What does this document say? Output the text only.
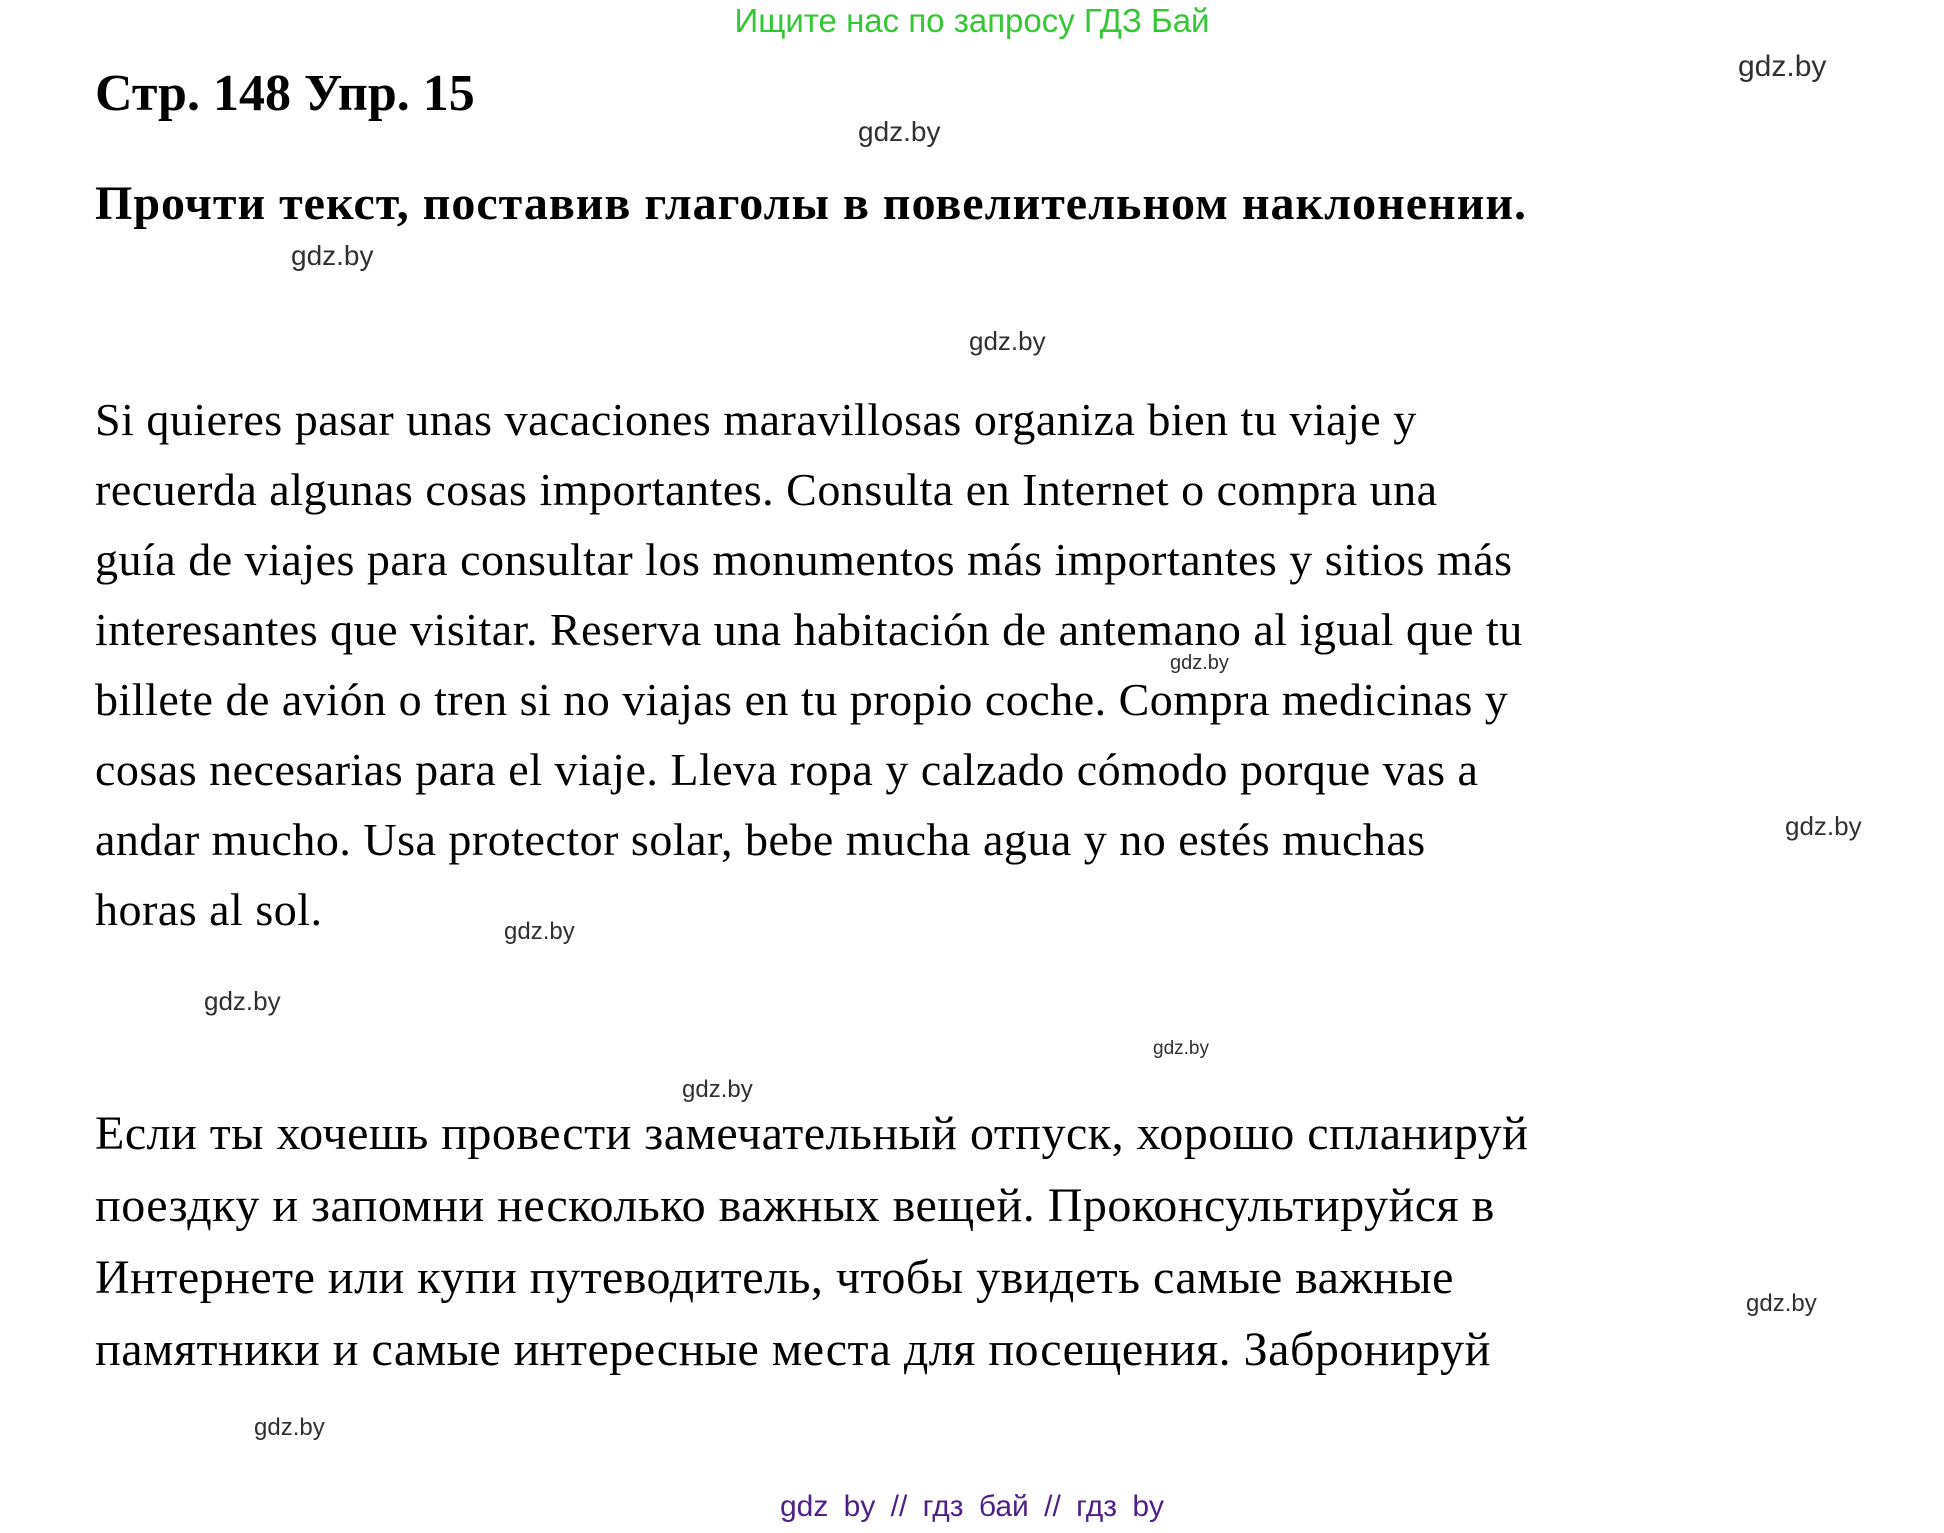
Ищите нас по запросу ГДЗ Бай
gdz.by
Стр. 148 Упр. 15
gdz.by
Прочти текст, поставив глаголы в повелительном наклонении.
gdz.by
gdz.by
Si quieres pasar unas vacaciones maravillosas organiza bien tu viaje y
recuerda algunas cosas importantes. Consulta en Internet o compra una
guía de viajes para consultar los monumentos más importantes y sitios más
interesantes que visitar. Reserva una habitación de antemano al igual que tu
billete de avión o tren si no viajas en tu propio coche. Compra medicinas y
cosas necesarias para el viaje. Lleva ropa y calzado cómodo porque vas a
andar mucho. Usa protector solar, bebe mucha agua y no estés muchas
horas al sol.
gdz.by
gdz.by
gdz.by
gdz.by
gdz.by
gdz.by
Если ты хочешь провести замечательный отпуск, хорошо спланируй
поездку и запомни несколько важных вещей. Проконсультируйся в
Интернете или купи путеводитель, чтобы увидеть самые важные
памятники и самые интересные места для посещения. Забронируй
gdz.by
gdz.by
gdz by // гдз бай // гдз by
